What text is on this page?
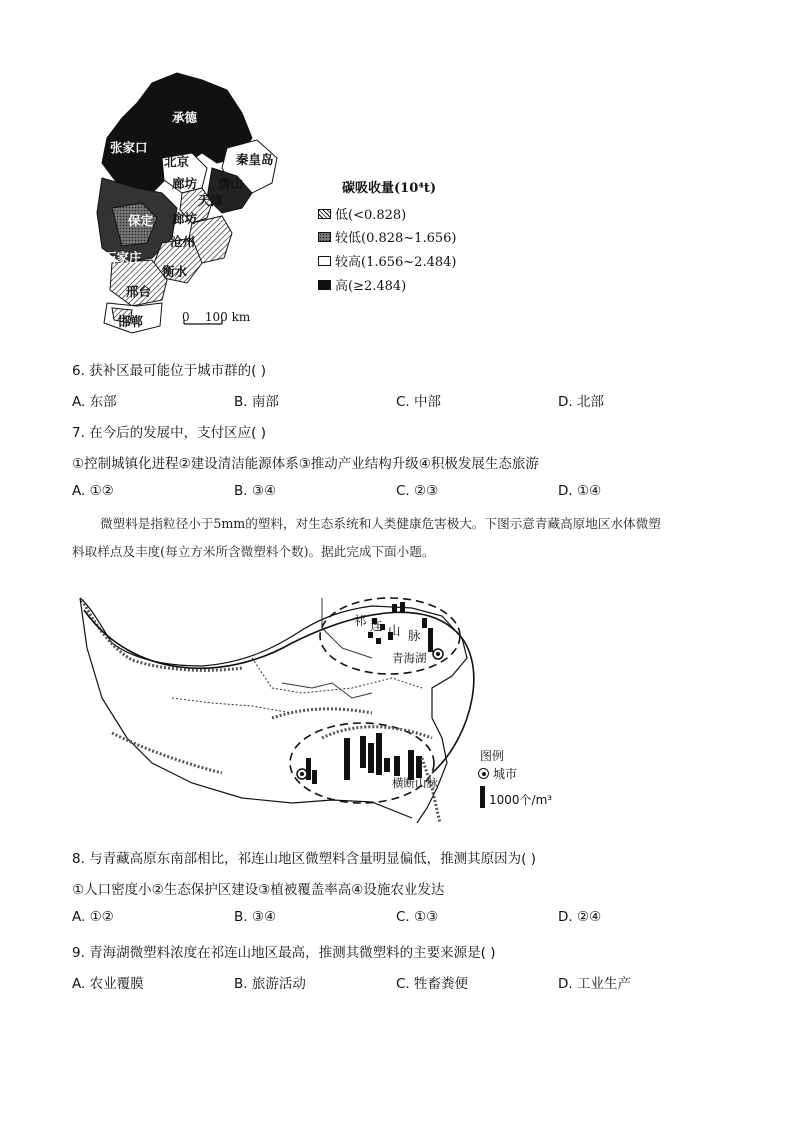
承德
张家口
北京	秦皇岛
廊坊 唐山
天津
保定 廊坊
沧州
石家庄
衡水
邢台
邯郸	0    100 km
碳吸收量(10⁴t)
低(<0.828)
较低(0.828~1.656)
较高(1.656~2.484)
高(≥2.484)
6. 获补区最可能位于城市群的( )
A. 东部	B. 南部	C. 中部	D. 北部
7. 在今后的发展中，支付区应( )
①控制城镇化进程②建设清洁能源体系③推动产业结构升级④积极发展生态旅游
A. ①②	B. ③④	C. ②③	D. ①④
微塑料是指粒径小于5mm的塑料，对生态系统和人类健康危害极大。下图示意青藏高原地区水体微塑
料取样点及丰度(每立方米所含微塑料个数)。据此完成下面小题。
祁 连 山 脉
青海湖
横断山脉
图例
城市
1000个/m³
8. 与青藏高原东南部相比，祁连山地区微塑料含量明显偏低，推测其原因为( )
①人口密度小②生态保护区建设③植被覆盖率高④设施农业发达
A. ①②	B. ③④	C. ①③	D. ②④
9. 青海湖微塑料浓度在祁连山地区最高，推测其微塑料的主要来源是( )
A. 农业覆膜	B. 旅游活动	C. 牲畜粪便	D. 工业生产
